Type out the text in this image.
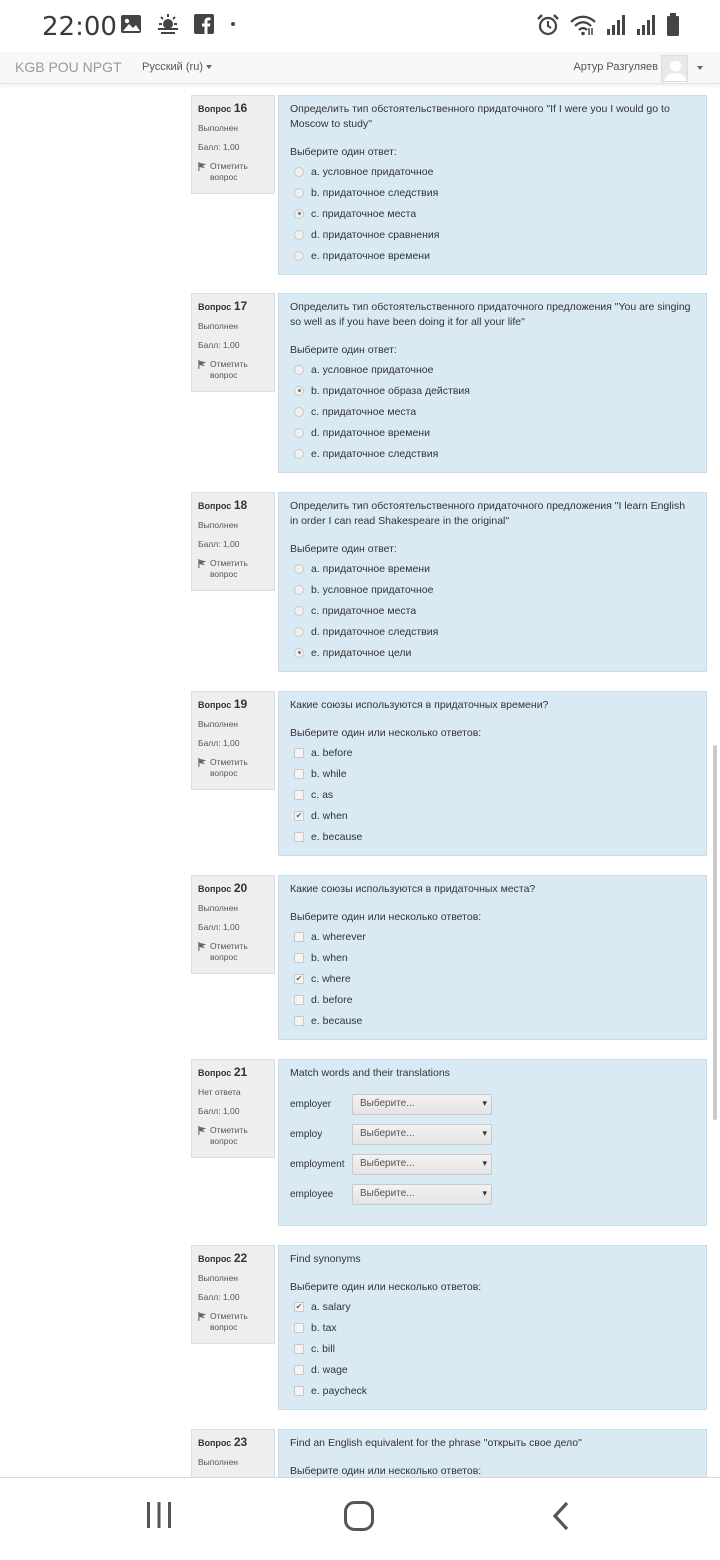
22:00
KGB POU NPGT Русский (ru)	Артур Разгуляев
Вопрос 16
Выполнен
Балл: 1,00
Отметить
вопрос
Определить тип обстоятельственного придаточного "If I were you I would go to Moscow to study"
Выберите один ответ:
a. условное придаточное
b. придаточное следствия
c. придаточное места
d. придаточное сравнения
e. придаточное времени
Вопрос 17
Выполнен
Балл: 1,00
Отметить
вопрос
Определить тип обстоятельственного придаточного предложения "You are singing so well as if you have been doing it for all your life"
Выберите один ответ:
a. условное придаточное
b. придаточное образа действия
c. придаточное места
d. придаточное времени
e. придаточное следствия
Вопрос 18
Выполнен
Балл: 1,00
Отметить
вопрос
Определить тип обстоятельственного придаточного предложения "I learn English in order I can read Shakespeare in the original"
Выберите один ответ:
a. придаточное времени
b. условное придаточное
c. придаточное места
d. придаточное следствия
e. придаточное цели
Вопрос 19
Выполнен
Балл: 1,00
Отметить
вопрос
Какие союзы используются в придаточных времени?
Выберите один или несколько ответов:
a. before
b. while
c. as
✔ d. when
e. because
Вопрос 20
Выполнен
Балл: 1,00
Отметить
вопрос
Какие союзы используются в придаточных места?
Выберите один или несколько ответов:
a. wherever
b. when
✔ c. where
d. before
e. because
Вопрос 21
Нет ответа
Балл: 1,00
Отметить
вопрос
Match words and their translations
employer	Выберите... ▾
employ	Выберите... ▾
employment	Выберите... ▾
employee	Выберите... ▾
Вопрос 22
Выполнен
Балл: 1,00
Отметить
вопрос
Find synonyms
Выберите один или несколько ответов:
✔ a. salary
b. tax
c. bill
d. wage
e. paycheck
Вопрос 23
Выполнен
Find an English equivalent for the phrase "открыть свое дело"
Выберите один или несколько ответов:
